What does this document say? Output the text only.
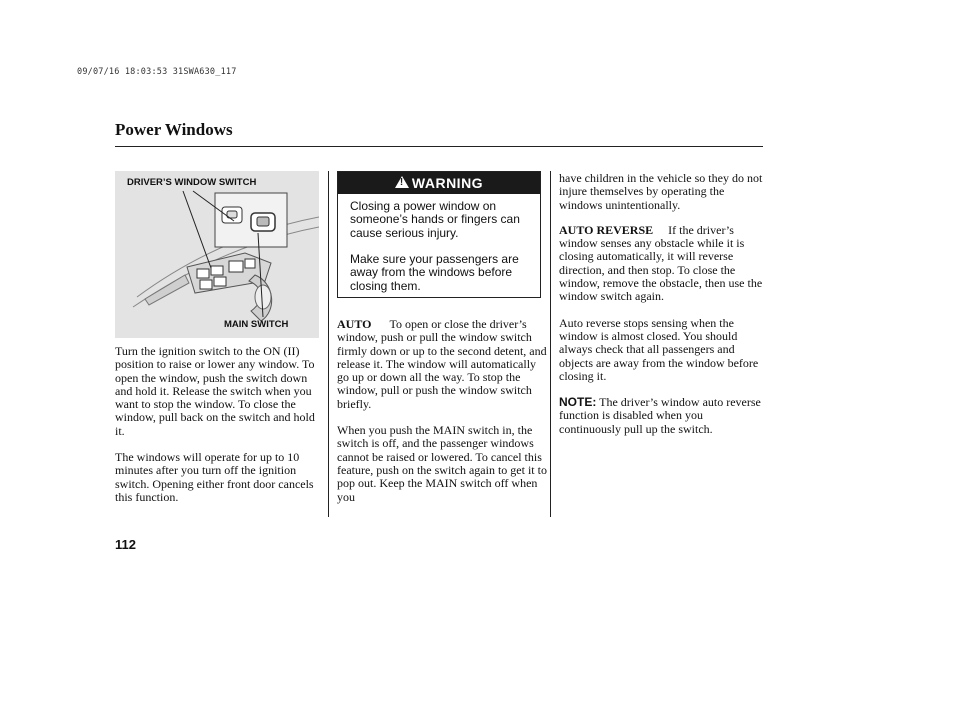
09/07/16 18:03:53 31SWA630_117
Power Windows
DRIVER’S WINDOW SWITCH
MAIN SWITCH

Turn the ignition switch to the ON (II) position to raise or lower any window. To open the window, push the switch down and hold it. Release the switch when you want to stop the window. To close the window, pull back on the switch and hold it.

The windows will operate for up to 10 minutes after you turn off the ignition switch. Opening either front door cancels this function.

!
WARNING
Closing a power window on someone’s hands or fingers can cause serious injury.
Make sure your passengers are away from the windows before closing them.

AUTO To open or close the driver’s window, push or pull the window switch firmly down or up to the second detent, and release it. The window will automatically go up or down all the way. To stop the window, pull or push the window switch briefly.

When you push the MAIN switch in, the switch is off, and the passenger windows cannot be raised or lowered. To cancel this feature, push on the switch again to get it to pop out. Keep the MAIN switch off when you

have children in the vehicle so they do not injure themselves by operating the windows unintentionally.

AUTO REVERSE If the driver’s window senses any obstacle while it is closing automatically, it will reverse direction, and then stop. To close the window, remove the obstacle, then use the window switch again.

Auto reverse stops sensing when the window is almost closed. You should always check that all passengers and objects are away from the window before closing it.

NOTE: The driver’s window auto reverse function is disabled when you continuously pull up the switch.

112
